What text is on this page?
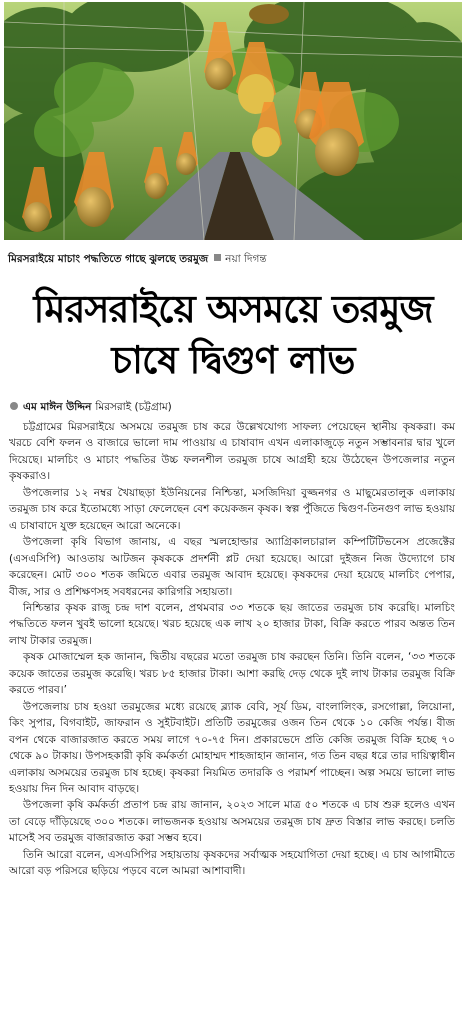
মিরসরাইয়ে মাচাং পদ্ধতিতে গাছে ঝুলছে তরমুজ নয়া দিগন্ত
মিরসরাইয়ে অসময়ে তরমুজ
চাষে দ্বিগুণ লাভ
এম মাঈন উদ্দিন মিরসরাই (চট্টগ্রাম)

চট্টগ্রামের মিরসরাইয়ে অসময়ে তরমুজ চাষ করে উল্লেখযোগ্য সাফল্য পেয়েছেন স্থানীয় কৃষকরা। কম খরচে বেশি ফলন ও বাজারে ভালো দাম পাওয়ায় এ চাষাবাদ এখন এলাকাজুড়ে নতুন সম্ভাবনার দ্বার খুলে দিয়েছে। মালচিং ও মাচাং পদ্ধতির উচ্চ ফলনশীল তরমুজ চাষে আগ্রহী হয়ে উঠেছেন উপজেলার নতুন কৃষকরাও।

উপজেলার ১২ নম্বর খৈয়াছড়া ইউনিয়নের নিশ্চিন্তা, মসজিদিয়া বুজ্জনগর ও মাছুমেরতালুক এলাকায় তরমুজ চাষ করে ইতোমধ্যে সাড়া ফেলেছেন বেশ কয়েকজন কৃষক। স্বল্প পুঁজিতে দ্বিগুণ-তিনগুণ লাভ হওয়ায় এ চাষাবাদে যুক্ত হয়েছেন আরো অনেকে।

উপজেলা কৃষি বিভাগ জানায়, এ বছর স্মলহোল্ডার অ্যাগ্রিকালচারাল কম্পিটিটিভনেস প্রজেক্টের (এসএসিপি) আওতায় আটজন কৃষককে প্রদর্শনী প্লট দেয়া হয়েছে। আরো দুইজন নিজ উদ্যোগে চাষ করেছেন। মোট ৩০০ শতক জমিতে এবার তরমুজ আবাদ হয়েছে। কৃষকদের দেয়া হয়েছে মালচিং পেপার, বীজ, সার ও প্রশিক্ষণসহ সবধরনের কারিগরি সহায়তা।

নিশ্চিন্তার কৃষক রাজু চন্দ্র দাশ বলেন, প্রথমবার ৩৩ শতকে ছয় জাতের তরমুজ চাষ করেছি। মালচিং পদ্ধতিতে ফলন খুবই ভালো হয়েছে। খরচ হয়েছে এক লাখ ২০ হাজার টাকা, বিক্রি করতে পারব অন্তত তিন লাখ টাকার তরমুজ।

কৃষক মোজাম্মেল হক জানান, দ্বিতীয় বছরের মতো তরমুজ চাষ করছেন তিনি। তিনি বলেন, ‘৩৩ শতকে কয়েক জাতের তরমুজ করেছি। খরচ ৮৫ হাজার টাকা। আশা করছি দেড় থেকে দুই লাখ টাকার তরমুজ বিক্রি করতে পারব।’

উপজেলায় চাষ হওয়া তরমুজের মধ্যে রয়েছে ব্ল্যাক বেবি, সূর্য ডিম, বাংলালিংক, রসগোল্লা, লিয়োনা, কিং সুপার, বিগবাইট, জাফরান ও সুইটবাইট। প্রতিটি তরমুজের ওজন তিন থেকে ১০ কেজি পর্যন্ত। বীজ বপন থেকে বাজারজাত করতে সময় লাগে ৭০-৭৫ দিন। প্রকারভেদে প্রতি কেজি তরমুজ বিক্রি হচ্ছে ৭০ থেকে ৯০ টাকায়। উপসহকারী কৃষি কর্মকর্তা মোহাম্মদ শাহজাহান জানান, গত তিন বছর ধরে তার দায়িত্বাধীন এলাকায় অসময়ের তরমুজ চাষ হচ্ছে। কৃষকরা নিয়মিত তদারকি ও পরামর্শ পাচ্ছেন। অল্প সময়ে ভালো লাভ হওয়ায় দিন দিন আবাদ বাড়ছে।

উপজেলা কৃষি কর্মকর্তা প্রতাপ চন্দ্র রায় জানান, ২০২৩ সালে মাত্র ৫০ শতকে এ চাষ শুরু হলেও এখন তা বেড়ে দাঁড়িয়েছে ৩০০ শতকে। লাভজনক হওয়ায় অসময়ের তরমুজ চাষ দ্রুত বিস্তার লাভ করছে। চলতি মাসেই সব তরমুজ বাজারজাত করা সম্ভব হবে।

তিনি আরো বলেন, এসএসিপির সহায়তায় কৃষকদের সর্বাত্মক সহযোগিতা দেয়া হচ্ছে। এ চাষ আগামীতে আরো বড় পরিসরে ছড়িয়ে পড়বে বলে আমরা আশাবাদী।
